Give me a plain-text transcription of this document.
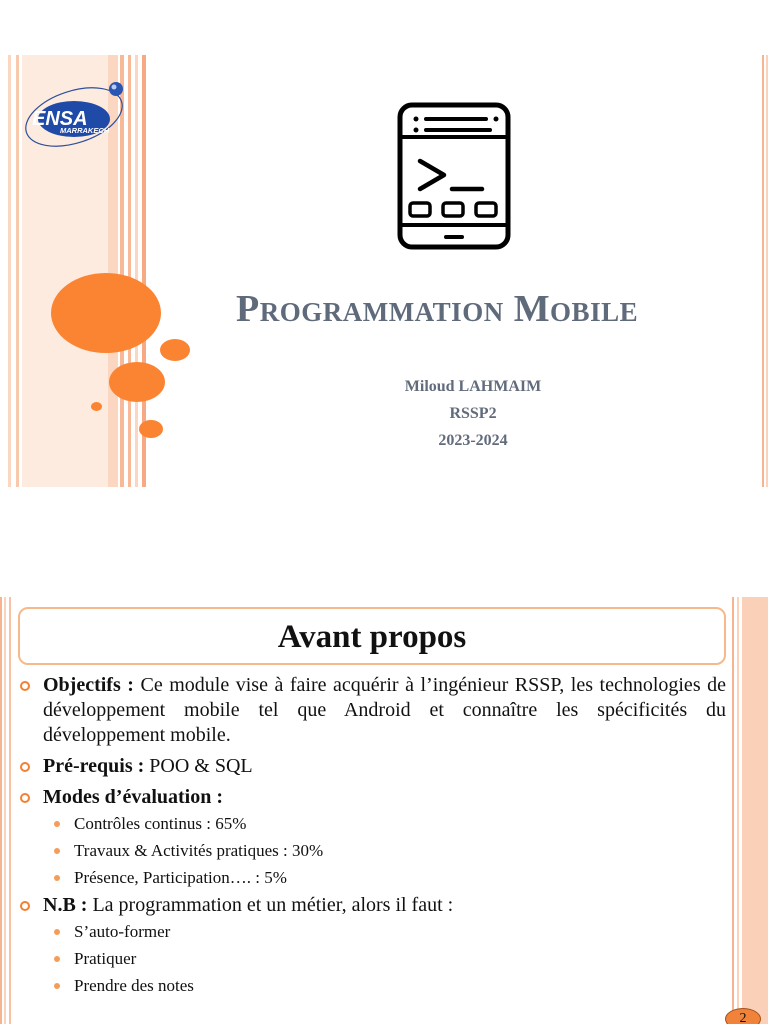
ENSA
MARRAKECH
Programmation Mobile
Miloud LAHMAIM
RSSP2
2023-2024
Avant propos
Objectifs : Ce module vise à faire acquérir à l’ingénieur RSSP, les technologies de développement mobile tel que Android et connaître les spécificités du développement mobile.
Pré-requis : POO & SQL
Modes d’évaluation :
Contrôles continus : 65%
Travaux & Activités pratiques : 30%
Présence, Participation…. : 5%
N.B : La programmation et un métier, alors il faut :
S’auto-former
Pratiquer
Prendre des notes
2
